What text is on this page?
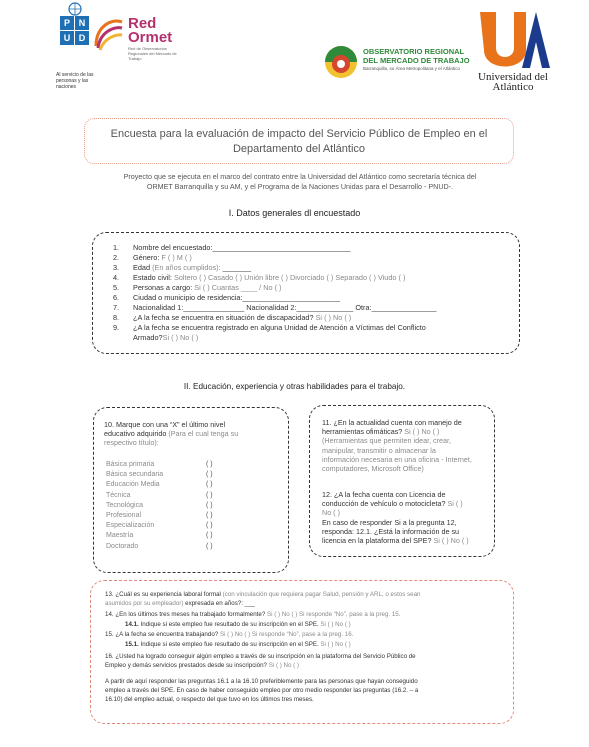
P N
U D
Al servicio de las personas y las naciones
Red Ormet
Red de Observatorios Regionales del Mercado de Trabajo
OBSERVATORIO REGIONAL
DEL MERCADO DE TRABAJO
Barranquilla, su Área Metropolitana y el Atlántico
Universidad del Atlántico
Encuesta para la evaluación de impacto del Servicio Público de Empleo en el
Departamento del Atlántico
Proyecto que se ejecuta en el marco del contrato entre la Universidad del Atlántico como secretaría técnica del
ORMET Barranquilla y su AM, y el Programa de la Naciones Unidas para el Desarrollo - PNUD-.
I. Datos generales dl encuestado
1. Nombre del encuestado:__________________________________
2. Género: F ( ) M ( )
3. Edad (En años cumplidos): _______
4. Estado civil: Soltero ( ) Casado ( ) Unión libre ( ) Divorciado ( ) Separado ( ) Viudo ( )
5. Personas a cargo: Si ( ) Cuantas ____ / No ( )
6. Ciudad o municipio de residencia:________________________
7. Nacionalidad 1:_______________ Nacionalidad 2:______________ Otra:________________
8. ¿A la fecha se encuentra en situación de discapacidad? Si ( ) No ( )
9. ¿A la fecha se encuentra registrado en alguna Unidad de Atención a Víctimas del Conflicto
Armado?Si ( ) No ( )
II. Educación, experiencia y otras habilidades para el trabajo.
10. Marque con una “X” el último nivel
educativo adquirido (Para el cual tenga su
respectivo título):
Básica primaria
Básica secundaria
Educación Media
Técnica
Tecnológica
Profesional
Especialización
Maestría
Doctorado
( )
( )
( )
( )
( )
( )
( )
( )
( )
11. ¿En la actualidad cuenta con manejo de
herramientas ofimáticas? Si ( ) No ( )
(Herramientas que permiten idear, crear,
manipular, transmitir o almacenar la
información necesaria en una oficina - Internet,
computadores, Microsoft Office)
12. ¿A la fecha cuenta con Licencia de
conducción de vehículo o motocicleta? Si ( )
No ( )
En caso de responder Si a la pregunta 12,
responda: 12.1. ¿Está la información de su
licencia en la plataforma del SPE? Si ( ) No ( )
13. ¿Cuál es su experiencia laboral formal (con vinculación que requiera pagar Salud, pensión y ARL, o estos sean
asumidos por su empleador) expresada en años?: ___
14. ¿En los últimos tres meses ha trabajado formalmente? Si ( ) No ( ) Si responde “No”, pase a la preg. 15.
14.1. Indique si este empleo fue resultado de su inscripción en el SPE. Si ( ) No ( )
15. ¿A la fecha se encuentra trabajando? Si ( ) No ( ) Si responde “No”, pase a la preg. 16.
15.1. Indique si este empleo fue resultado de su inscripción en el SPE. Si ( ) No ( )
16. ¿Usted ha logrado conseguir algún empleo a través de su inscripción en la plataforma del Servicio Público de
Empleo y demás servicios prestados desde su inscripción? Si ( ) No ( )
A partir de aquí responder las preguntas 16.1 a la 16.10 preferiblemente para las personas que hayan conseguido
empleo a través del SPE. En caso de haber conseguido empleo por otro medio responder las preguntas (16.2. – a
16.10) del empleo actual, o respecto del que tuvo en los últimos tres meses.
